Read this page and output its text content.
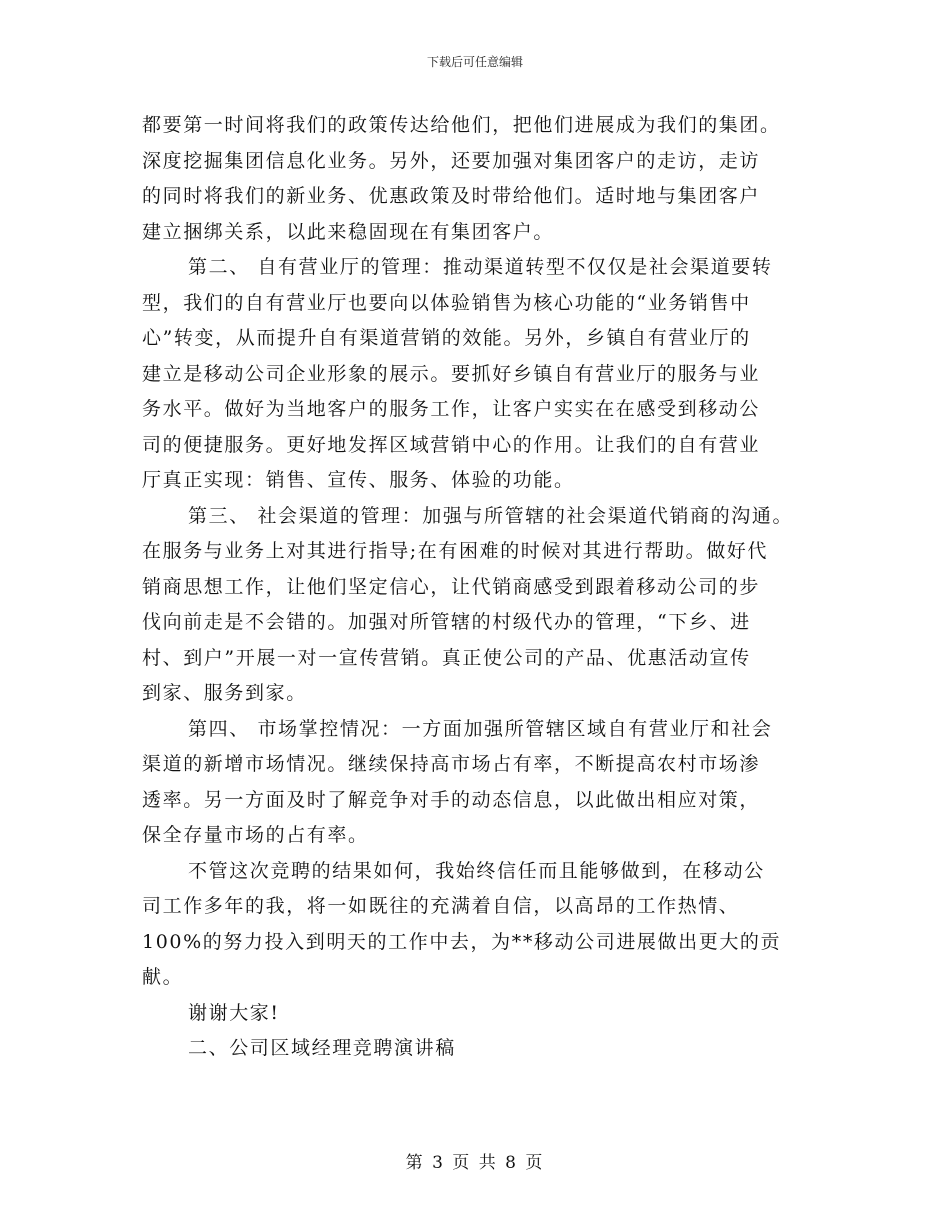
下载后可任意编辑
都要第一时间将我们的政策传达给他们，把他们进展成为我们的集团。
深度挖掘集团信息化业务。另外，还要加强对集团客户的走访，走访
的同时将我们的新业务、优惠政策及时带给他们。适时地与集团客户
建立捆绑关系，以此来稳固现在有集团客户。
第二、 自有营业厅的管理：推动渠道转型不仅仅是社会渠道要转
型，我们的自有营业厅也要向以体验销售为核心功能的“业务销售中
心”转变，从而提升自有渠道营销的效能。另外，乡镇自有营业厅的
建立是移动公司企业形象的展示。要抓好乡镇自有营业厅的服务与业
务水平。做好为当地客户的服务工作，让客户实实在在感受到移动公
司的便捷服务。更好地发挥区域营销中心的作用。让我们的自有营业
厅真正实现：销售、宣传、服务、体验的功能。
第三、 社会渠道的管理：加强与所管辖的社会渠道代销商的沟通。
在服务与业务上对其进行指导;在有困难的时候对其进行帮助。做好代
销商思想工作，让他们坚定信心，让代销商感受到跟着移动公司的步
伐向前走是不会错的。加强对所管辖的村级代办的管理，“下乡、进
村、到户”开展一对一宣传营销。真正使公司的产品、优惠活动宣传
到家、服务到家。
第四、 市场掌控情况：一方面加强所管辖区域自有营业厅和社会
渠道的新增市场情况。继续保持高市场占有率，不断提高农村市场渗
透率。另一方面及时了解竞争对手的动态信息，以此做出相应对策，
保全存量市场的占有率。
不管这次竞聘的结果如何，我始终信任而且能够做到，在移动公
司工作多年的我，将一如既往的充满着自信，以高昂的工作热情、
100%的努力投入到明天的工作中去，为**移动公司进展做出更大的贡
献。
谢谢大家!
二、公司区域经理竞聘演讲稿
第 3 页 共 8 页
